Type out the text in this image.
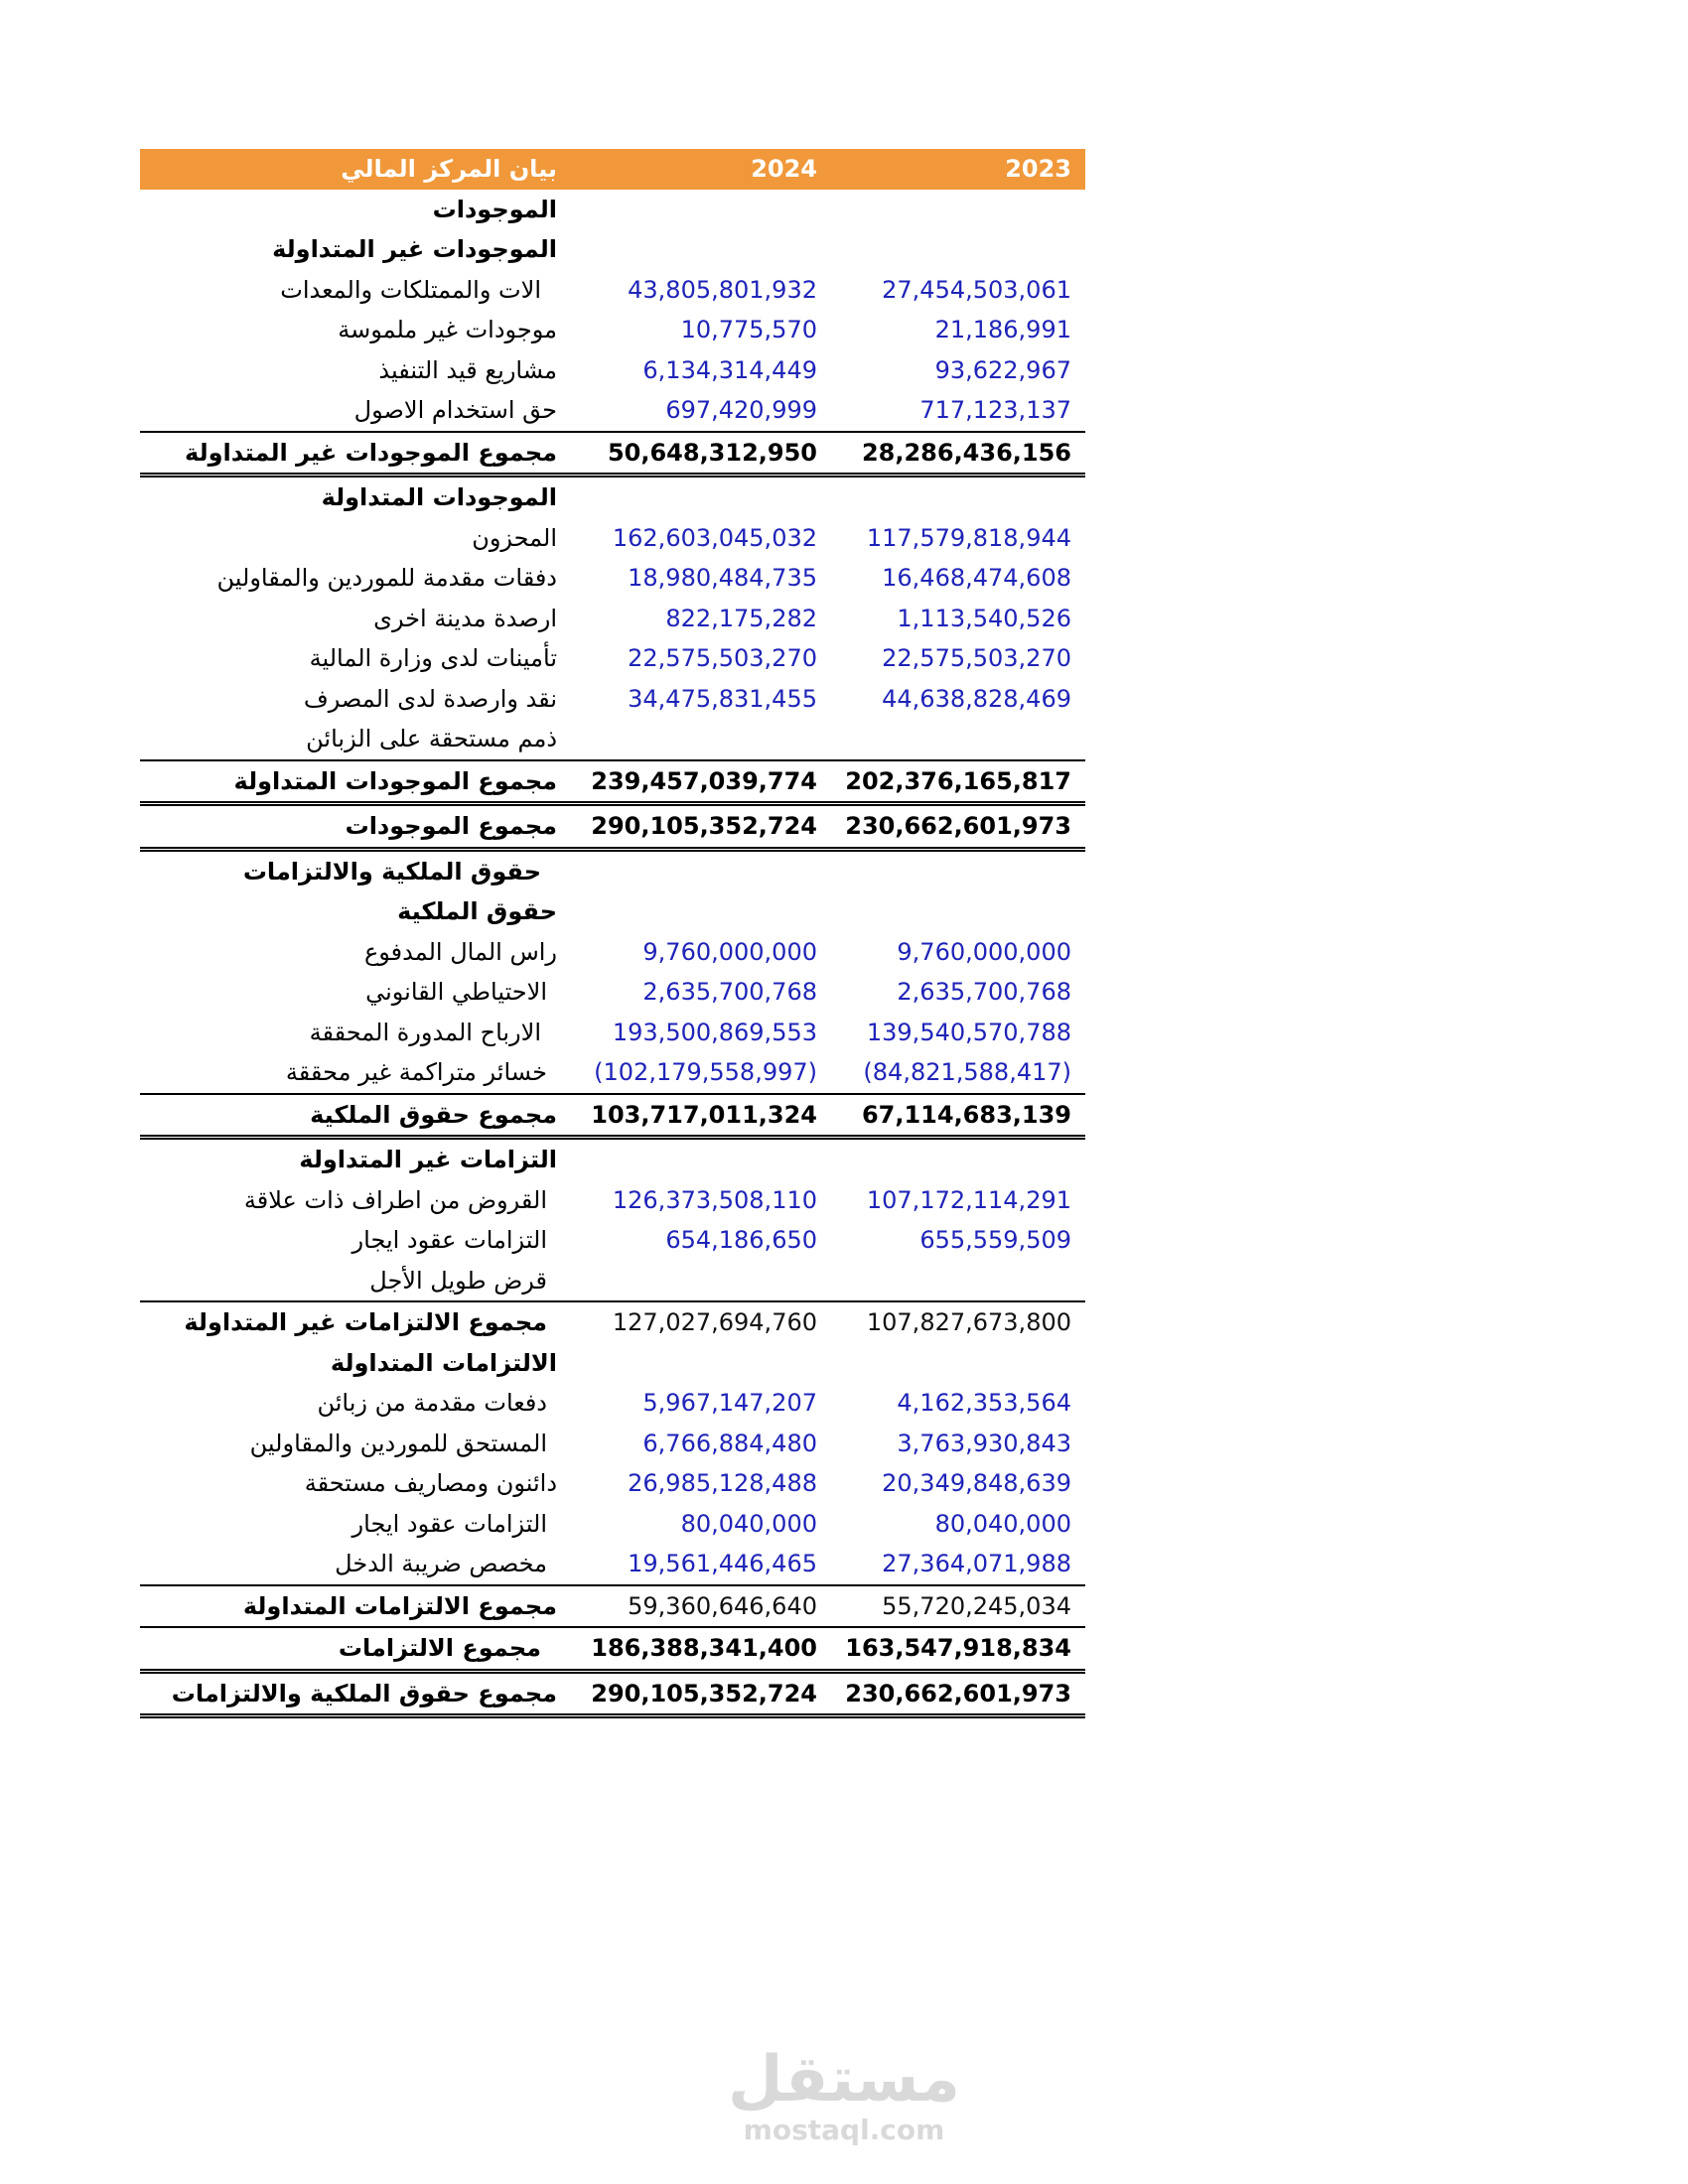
بيان المركز المالي	2024	2023
الموجودات
الموجودات غير المتداولة
الات والممتلكات والمعدات	43,805,801,932	27,454,503,061
موجودات غير ملموسة	10,775,570	21,186,991
مشاريع قيد التنفيذ	6,134,314,449	93,622,967
حق استخدام الاصول	697,420,999	717,123,137
مجموع الموجودات غير المتداولة 50,648,312,950 28,286,436,156
الموجودات المتداولة
المحزون 162,603,045,032 117,579,818,944
دفقات مقدمة للموردين والمقاولين	18,980,484,735	16,468,474,608
ارصدة مدينة اخرى	822,175,282	1,113,540,526
تأمينات لدى وزارة المالية	22,575,503,270	22,575,503,270
نقد وارصدة لدى المصرف	34,475,831,455	44,638,828,469
ذمم مستحقة على الزبائن
مجموع الموجودات المتداولة 239,457,039,774 202,376,165,817
مجموع الموجودات 290,105,352,724 230,662,601,973
حقوق الملكية والالتزامات
حقوق الملكية
راس المال المدفوع	9,760,000,000	9,760,000,000
الاحتياطي القانوني	2,635,700,768	2,635,700,768
الارباح المدورة المحققة	193,500,869,553 139,540,570,788
خسائر متراكمة غير محققة (102,179,558,997) (84,821,588,417)
مجموع حقوق الملكية 103,717,011,324 67,114,683,139
التزامات غير المتداولة
القروض من اطراف ذات علاقة	126,373,508,110 107,172,114,291
التزامات عقود ايجار	654,186,650	655,559,509
قرض طويل الأجل
مجموع الالتزامات غير المتداولة	127,027,694,760 107,827,673,800
الالتزامات المتداولة
دفعات مقدمة من زبائن	5,967,147,207	4,162,353,564
المستحق للموردين والمقاولين	6,766,884,480	3,763,930,843
دائنون ومصاريف مستحقة	26,985,128,488	20,349,848,639
التزامات عقود ايجار	80,040,000	80,040,000
مخصص ضريبة الدخل	19,561,446,465	27,364,071,988
مجموع الالتزامات المتداولة	59,360,646,640	55,720,245,034
مجموع الالتزامات 186,388,341,400 163,547,918,834
مجموع حقوق الملكية والالتزامات 290,105,352,724 230,662,601,973
مستقل
mostaql.com
